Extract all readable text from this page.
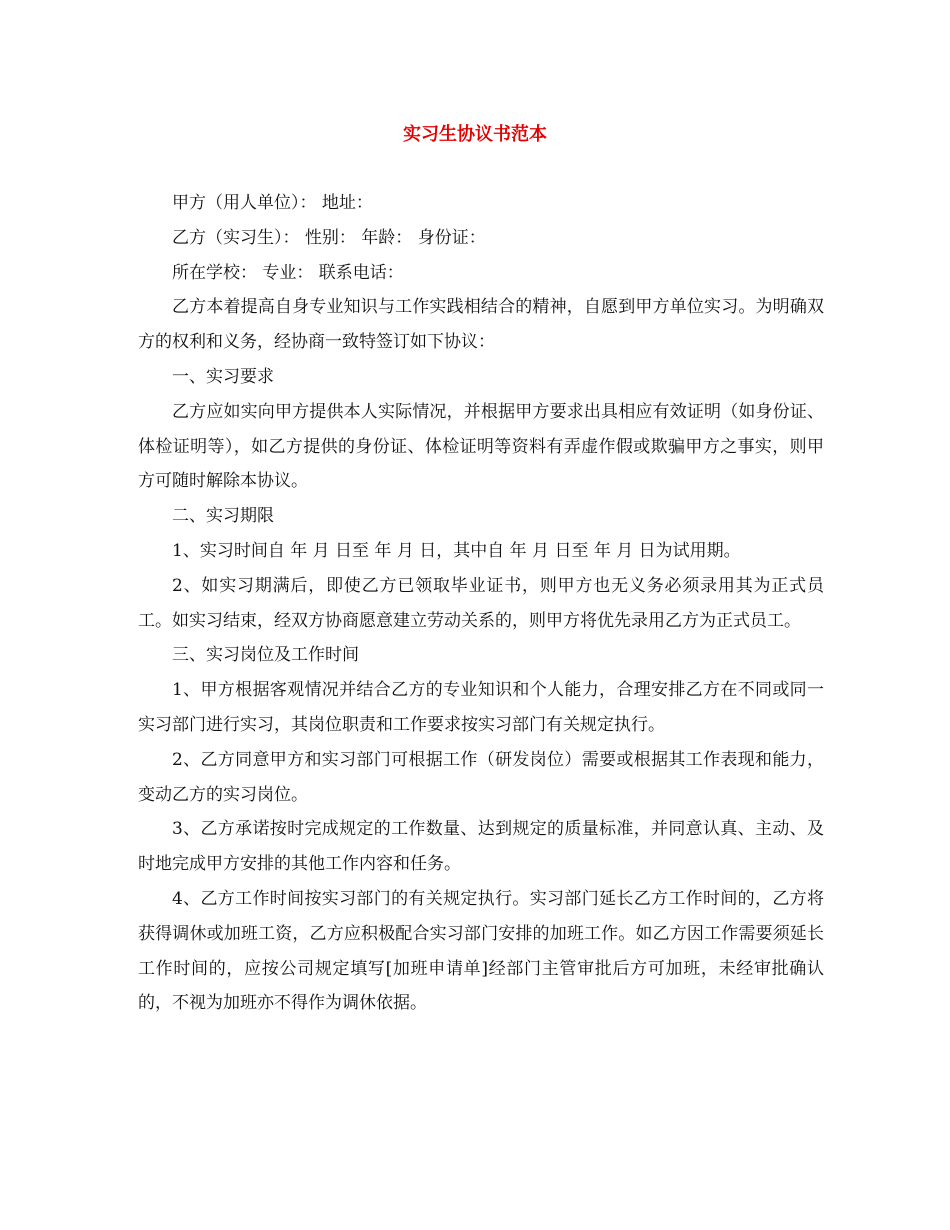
实习生协议书范本

甲方（用人单位）： 地址：

乙方（实习生）： 性别： 年龄： 身份证：

所在学校： 专业： 联系电话：

乙方本着提高自身专业知识与工作实践相结合的精神，自愿到甲方单位实习。为明确双方的权利和义务，经协商一致特签订如下协议：

一、实习要求

乙方应如实向甲方提供本人实际情况，并根据甲方要求出具相应有效证明（如身份证、体检证明等），如乙方提供的身份证、体检证明等资料有弄虚作假或欺骗甲方之事实，则甲方可随时解除本协议。

二、实习期限

1、实习时间自 年 月 日至 年 月 日，其中自 年 月 日至 年 月 日为试用期。

2、如实习期满后，即使乙方已领取毕业证书，则甲方也无义务必须录用其为正式员工。如实习结束，经双方协商愿意建立劳动关系的，则甲方将优先录用乙方为正式员工。

三、实习岗位及工作时间

1、甲方根据客观情况并结合乙方的专业知识和个人能力，合理安排乙方在不同或同一实习部门进行实习，其岗位职责和工作要求按实习部门有关规定执行。

2、乙方同意甲方和实习部门可根据工作（研发岗位）需要或根据其工作表现和能力，变动乙方的实习岗位。

3、乙方承诺按时完成规定的工作数量、达到规定的质量标准，并同意认真、主动、及时地完成甲方安排的其他工作内容和任务。

4、乙方工作时间按实习部门的有关规定执行。实习部门延长乙方工作时间的，乙方将获得调休或加班工资，乙方应积极配合实习部门安排的加班工作。如乙方因工作需要须延长工作时间的，应按公司规定填写[加班申请单]经部门主管审批后方可加班，未经审批确认的，不视为加班亦不得作为调休依据。
